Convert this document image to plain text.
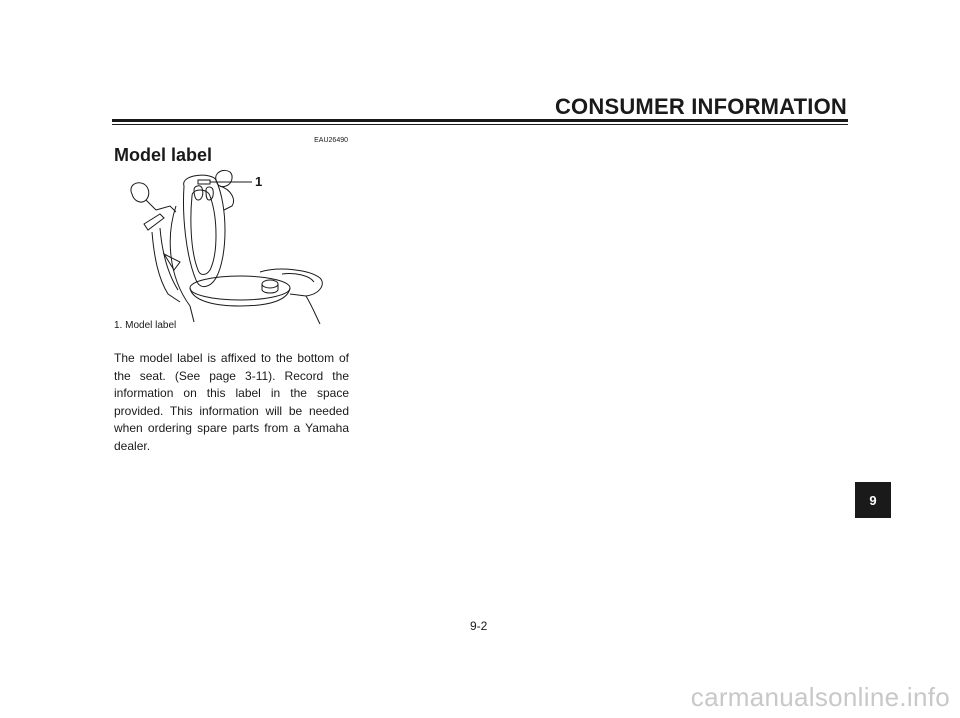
CONSUMER INFORMATION
EAU26490
Model label
1
1. Model label
The model label is affixed to the bottom of the seat. (See page 3-11). Record the information on this label in the space provided. This information will be needed when ordering spare parts from a Yamaha dealer.
9-2
9
carmanualsonline.info
